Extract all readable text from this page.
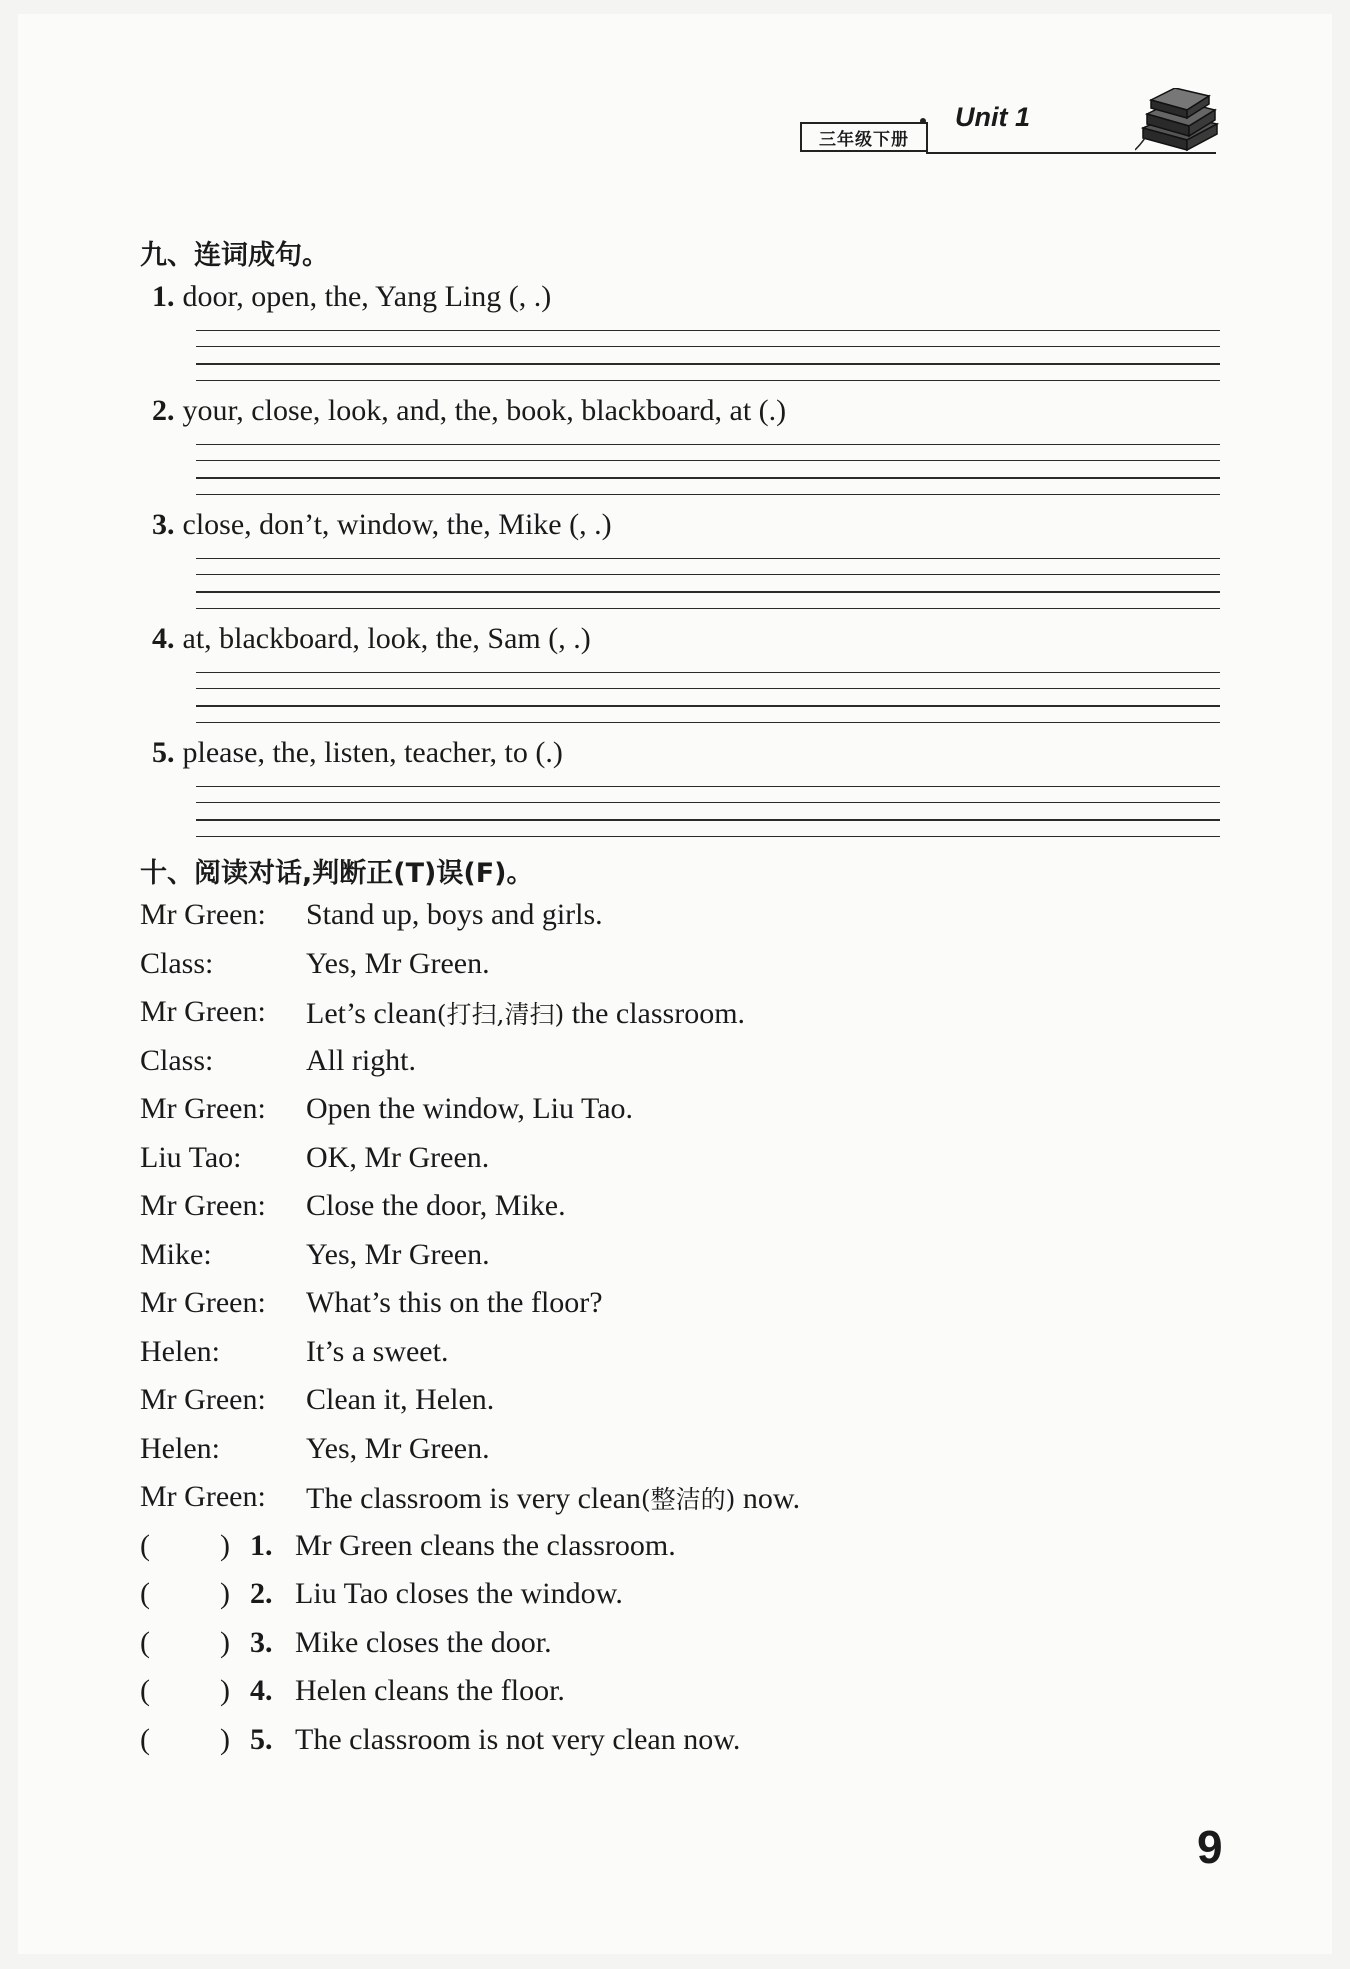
三年级下册
Unit 1
九、连词成句。
1. door, open, the, Yang Ling (, .)
2. your, close, look, and, the, book, blackboard, at (.)
3. close, don’t, window, the, Mike (, .)
4. at, blackboard, look, the, Sam (, .)
5. please, the, listen, teacher, to (.)
十、阅读对话,判断正(T)误(F)。
Mr Green: Stand up, boys and girls.
Class:	Yes, Mr Green.
Mr Green: Let’s clean(打扫,清扫) the classroom.
Class:	All right.
Mr Green: Open the window, Liu Tao.
Liu Tao: OK, Mr Green.
Mr Green: Close the door, Mike.
Mike:	Yes, Mr Green.
Mr Green: What’s this on the floor?
Helen:	It’s a sweet.
Mr Green: Clean it, Helen.
Helen:	Yes, Mr Green.
Mr Green: The classroom is very clean(整洁的) now.
( ) 1. Mr Green cleans the classroom.
( ) 2. Liu Tao closes the window.
( ) 3. Mike closes the door.
( ) 4. Helen cleans the floor.
( ) 5. The classroom is not very clean now.
9
